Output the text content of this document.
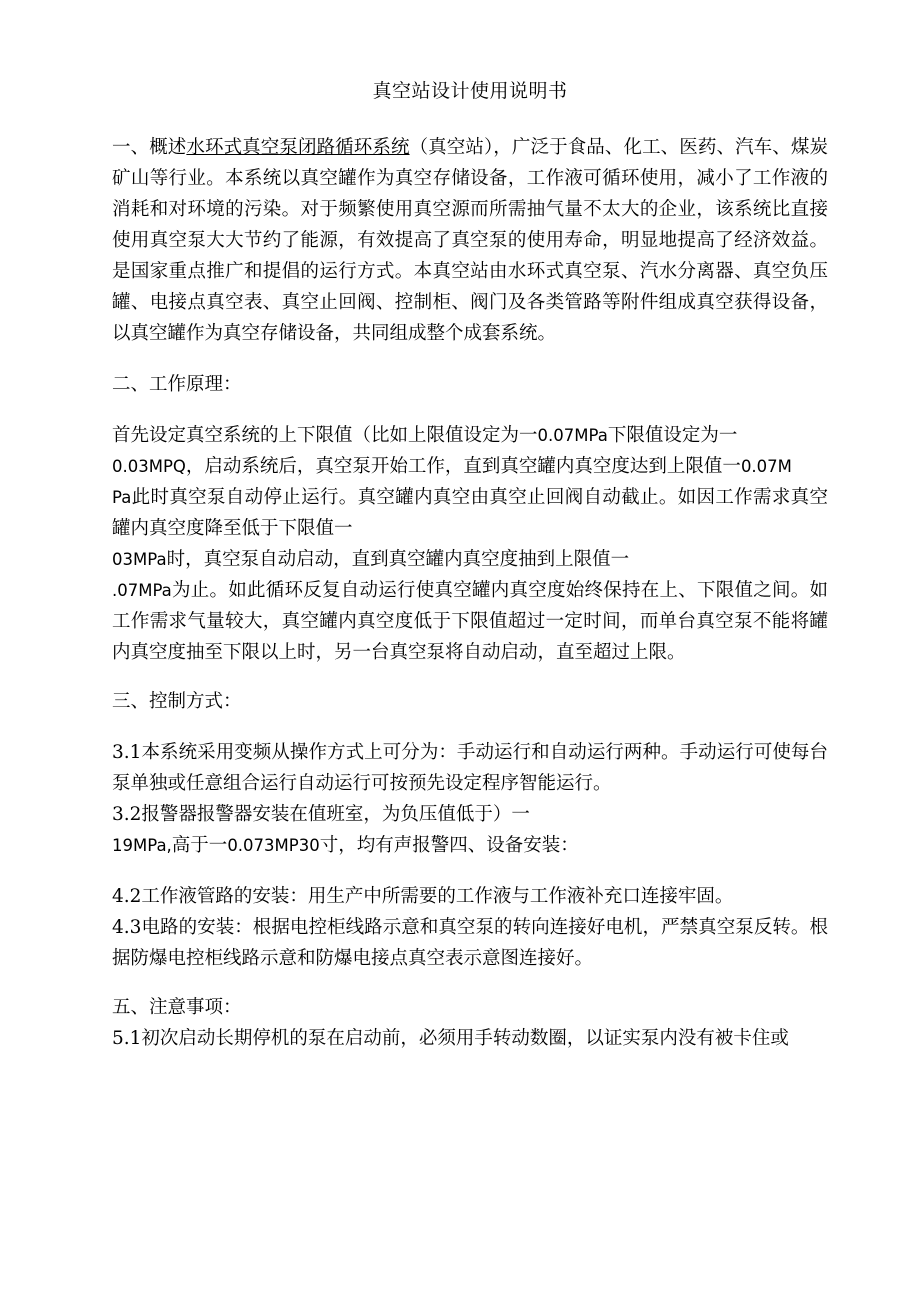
真空站设计使用说明书

一、概述水环式真空泵闭路循环系统（真空站），广泛于食品、化工、医药、汽车、煤炭矿山等行业。本系统以真空罐作为真空存储设备，工作液可循环使用，减小了工作液的消耗和对环境的污染。对于频繁使用真空源而所需抽气量不太大的企业，该系统比直接使用真空泵大大节约了能源，有效提高了真空泵的使用寿命，明显地提高了经济效益。是国家重点推广和提倡的运行方式。本真空站由水环式真空泵、汽水分离器、真空负压罐、电接点真空表、真空止回阀、控制柜、阀门及各类管路等附件组成真空获得设备，以真空罐作为真空存储设备，共同组成整个成套系统。

二、工作原理：

首先设定真空系统的上下限值（比如上限值设定为一0.07MPa下限值设定为一

0.03MPQ，启动系统后，真空泵开始工作，直到真空罐内真空度达到上限值一0.07M

Pa此时真空泵自动停止运行。真空罐内真空由真空止回阀自动截止。如因工作需求真空罐内真空度降至低于下限值一

03MPa时，真空泵自动启动，直到真空罐内真空度抽到上限值一

.07MPa为止。如此循环反复自动运行使真空罐内真空度始终保持在上、下限值之间。如工作需求气量较大，真空罐内真空度低于下限值超过一定时间，而单台真空泵不能将罐内真空度抽至下限以上时，另一台真空泵将自动启动，直至超过上限。

三、控制方式：

3.1本系统采用变频从操作方式上可分为：手动运行和自动运行两种。手动运行可使每台泵单独或任意组合运行自动运行可按预先设定程序智能运行。

3.2报警器报警器安装在值班室，为负压值低于）一

19MPa,高于一0.073MP30寸，均有声报警四、设备安装：

4.2工作液管路的安装：用生产中所需要的工作液与工作液补充口连接牢固。

4.3电路的安装：根据电控柜线路示意和真空泵的转向连接好电机，严禁真空泵反转。根据防爆电控柜线路示意和防爆电接点真空表示意图连接好。

五、注意事项：

5.1初次启动长期停机的泵在启动前，必须用手转动数圈，以证实泵内没有被卡住或
